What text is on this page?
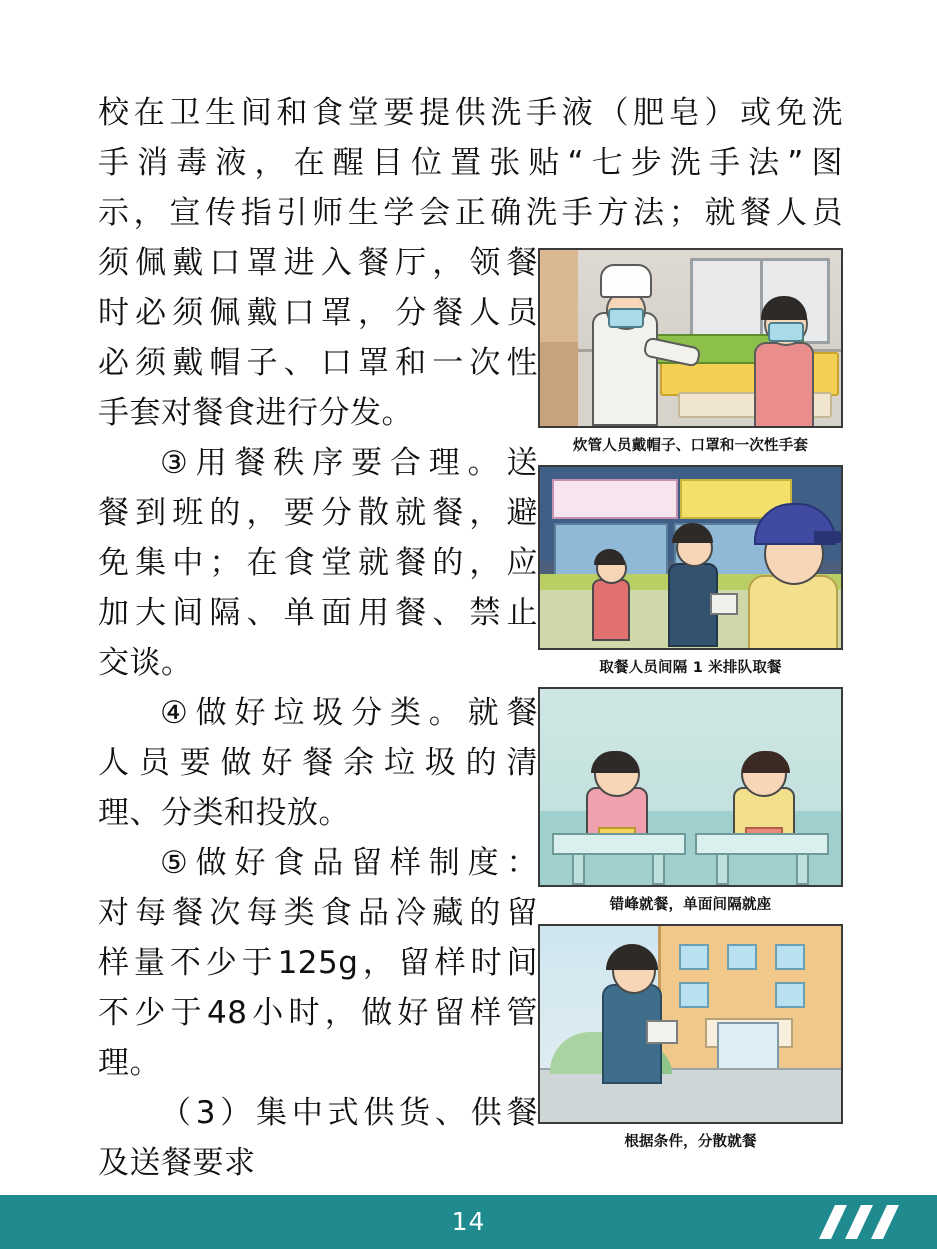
校在卫生间和食堂要提供洗手液（肥皂）或免洗
手消毒液，在醒目位置张贴“七步洗手法”图
示，宣传指引师生学会正确洗手方法；就餐人员
须佩戴口罩进入餐厅，领餐
时必须佩戴口罩，分餐人员
必须戴帽子、口罩和一次性
手套对餐食进行分发。
③用餐秩序要合理。送
餐到班的，要分散就餐，避
免集中；在食堂就餐的，应
加大间隔、单面用餐、禁止
交谈。
④做好垃圾分类。就餐
人员要做好餐余垃圾的清
理、分类和投放。
⑤做好食品留样制度：
对每餐次每类食品冷藏的留
样量不少于125g，留样时间
不少于48小时，做好留样管
理。
（3）集中式供货、供餐
及送餐要求
炊管人员戴帽子、口罩和一次性手套
取餐人员间隔 1 米排队取餐
错峰就餐，单面间隔就座
根据条件，分散就餐
14
